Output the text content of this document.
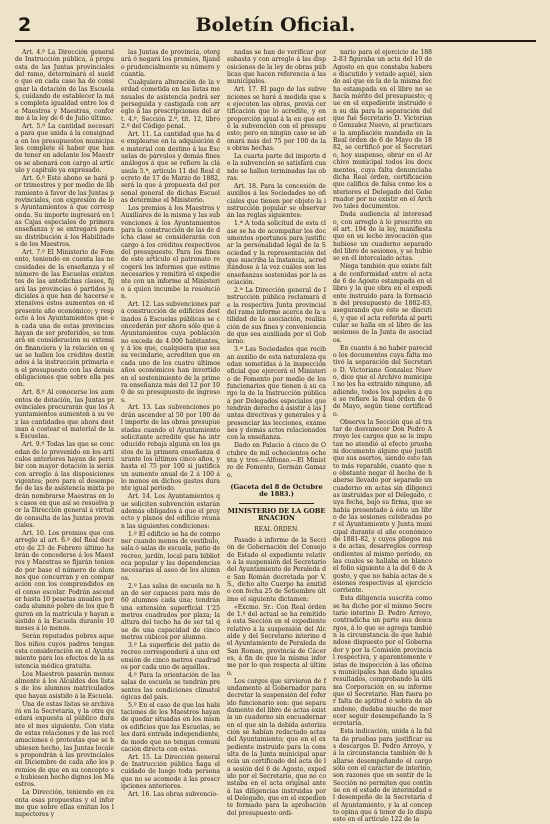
2	Boletín Oficial.

Art. 4.º La Dirección general de Instrucción pública, á propuesta de las Juntas provinciales del ramo, determinará el sueldo que en cada caso ha de consignar la dotación de las Escuelas, cuidando de establecer la más completa igualdad entre los de Maestros y Maestras, conforme á la ley de 6 de Julio último.

Art. 5.º La cantidad necesaria para que unida á la consignada en los presupuestos municipales complete el haber que han de tener en adelante los Maestros se abonará con cargo al artículo y capítulo ya expresado.

Art. 6.º Este abono se hará por trimestres y por medio de libramiento á favor de las Juntas provinciales, con expresión de los Ayuntamientos á que corresponda. Su importe ingresará en las Cajas especiales de primera enseñanza y se entregará para su distribución á los Habilitados de los Maestros.

Art. 7.º El Ministerio de Fomento, teniendo en cuenta las necesidades de la enseñanza y el número de las Escuelas existentes de las antedichas clases, fijará las provincias ó partidos judiciales á que han de hacerse extensivos estos aumentos en el presente año económico; y respecto á los Ayuntamientos que en cada una de estas provincias hayan de ser preferidos, se tomará en consideración su extensión financiera y la relación en que se hallen los créditos destinados á la instrucción primaria en el presupuesto con las demás obligaciones que sobre ella pesen.

Art. 8.º Al conocerse los aumentos de dotación, las Juntas provinciales procurarán que los Ayuntamientos aumenten á su vez las cantidades que ahora destinan á costear el material de las Escuelas.

Art. 9.º Todas las que se concedan de lo prevenido en los artículos anteriores hayan de percibir con mayor dotación la serán con arreglo á las disposiciones vigentes; pero para el desempeño de las de asistencia mixta podrán nombrarse Maestras en los casos en que así se resuelva por la Dirección general á virtud de consulta de las Juntas provinciales.

Art. 10. Los premios que con arreglo al art. 6.º del Real decreto de 23 de Febrero último habrán de concederse á los Maestros y Maestras se fijarán teniendo por base el número de alumnos que concurran y en comparación con los comprendidos en el censo escolar. Podrán ascender hasta 10 pesetas anuales por cada alumno pobre de los que figuren en la matrícula y hayan asistido á la Escuela durante 10 meses á lo menos.

Serán reputados pobres aquellos niños cuyos padres tengan esta consideración en el Ayuntamiento para los efectos de la asistencia médica gratuita.

Los Maestros pasarán mensualmente á los Alcaldes dos listas de los alumnos matriculados que hayan asistido á la Escuela.

Una de estas listas se archivará en la Secretaría, y la otra quedará expuesta al público durante el mes siguiente. Con vista de estas relaciones y de las reclamaciones ó protestas que se hubiesen hecho, las Juntas locales propondrán á las provinciales en Diciembre de cada año los premios de que en su concepto se hubiesen hecho dignos los Maestros.

La Dirección, teniendo en cuenta esas propuestas y el informe que sobre ellas emitan los Inspectores y

las Juntas de provincia, otorgará ó negará los premios, fijando prudencialmente su número y cuantía.

Cualquiera alteración de la verdad cometida en las listas mensuales de asistencia podrá ser perseguida y castigada con arreglo á las prescripciones del art. 4.º, Sección 2.ª, tít. 12, libro 2.º del Código penal.

Art. 11. La cantidad que ha de emplearse en la adquisición de material con destino á las Escuelas de párvulos y demás fines análogos á que se refiere la cláusula 5.ª, artículo 11 del Real decreto de 17 de Marzo de 1882, será la que á propuesta del personal general de dichas Escuelas determine el Ministerio.

Los premios á los Maestros y Auxiliares de la misma y las subvenciones á los Ayuntamientos para la construcción de las de dicha clase se considerarán con cargo á los créditos respectivos del presupuesto. Para los fines de este artículo el patronato recogerá los informes que estime necesarios y remitirá el expediente con un informe al Ministerio á quien incumbe la resolución.

Art. 12. Las subvenciones para construcción de edificios destinados á Escuelas públicas se concederán por ahora sólo que á Ayuntamientos cuya población no exceda de 4.000 habitantes, y á los que, cualquiera que sea su vecindario, acrediten que en cada uno de los cuatro últimos años económicos han invertido en el sostenimiento de la primera enseñanza más del 12 por 100 de su presupuesto de ingresos.

Art. 13. Las subvenciones podrán ascender al 50 por 100 del importe de las obras presupuestadas cuando el Ayuntamiento solicitante acredite que ha introducido rebaja alguna en los gastos de la primera enseñanza durante los últimos cinco años, y hasta el 75 por 100 si justifica un aumento anual de 2 á 100 á lo menos en dichos gastos durante igual período.

Art. 14. Los Ayuntamientos que soliciten subvención estarán además obligados á que el proyecto y planos del edificio reunan las siguientes condiciones:

1.º El edificio se ha de componer cuando menos de vestíbulo, sala ó salas de escuela, patio de recreo, jardín, local para biblioteca popular y las dependencias necesarias al aseo de los alumnos.

2.º Las salas de escuela no han de ser capaces para más de 60 alumnos cada una; tendrán una extensión superficial 1'25 metros cuadrados por plaza; la altura del techo ha de ser tal que de una capacidad de cinco metros cúbicos por alumno.

3.º La superficie del patio de recreo corresponderá á una extensión de cinco metros cuadrados por cada uno de aquéllos.

4.º Para la orientación de las salas de escuela se tendrán presentes las condiciones climatológicas del país.

5.º En el caso de que las habitaciones de los Maestros hayan de quedar situadas en los mismos edificios que las Escuelas, se les dará entrada independiente, de modo que no tengan comunicación directa con estas.

Art. 15. La Dirección general de Instrucción pública haga el cuidado de luego toda persona que no se acomode á las prescripciones anteriores.

Art. 16. Las obras subvencio-

nadas se han de verificar por subasta y con arreglo á las disposiciones de la ley de obras públicas que hacen referencia á las municipales.

Art. 17. El pago de las subvenciones se hará á medida que se ejecuten las obras, previa certificación que lo acredite, y en proporción igual á la en que esté la subvención con el presupuesto; pero en ningún caso se abonará más del 75 por 100 de las obras hechas.

La cuarta parte del importe de la subvención se satisfará cuando se hallen terminadas las obras.

Art. 18. Para la concesión de auxilios á las Sociedades no oficiales que tienen por objeto la instrucción popular se observarán las reglas siguientes:

1.ª A toda solicitud de esta clase se ha de acompañar los documentos oportunos para justificar la personalidad legal de la Sociedad y la representación del que suscriba la instancia, acreditándose á la vez cuáles son las enseñanzas sostenidas por la asociación.

2.ª La Dirección general de Instrucción pública reclamará de la respectiva Junta provincial del ramo informe acerca de la utilidad de la asociación, realización de sus fines y conveniencia de que sea auxiliada por el Gobierno.

3.ª Las Sociedades que reciban auxilio de esta naturaleza quedan sometidas á la inspección oficial que ejercerá el Ministerio de Fomento por medio de los funcionarios que tienen á su cargo la de la Instrucción pública á por Delegados especiales que tendrán derecho á asistir á las Juntas directivas y generales y á presenciar las lecciones, exámenes y demás actos relacionados con la enseñanza.

Dado en Palacio á cinco de Octubre de mil ochocientos ochenta y tres.—Alfonso.—El Ministro de Fomento, Germán Gamazo.

(Gaceta del 8 de Octubre de 1883.)
MINISTERIO DE LA GOBERNACION
REAL ÓRDEN.

Pasado á informe de la Sección de Gobernación del Consejo de Estado el expediente relativo á la suspensión del Secretario del Ayuntamiento de Peraleda de San Román decretada por V. S., dicho alto Cuerpo ha emitido con fecha 25 de Setiembre último el siguiente dictamen:

«Excmo. Sr.: Con Real órden de 1.º del actual se ha remitido á esta Sección en el expediente relativo á la suspensión del Alcalde y del Secretario interino del Ayuntamiento de Peraleda de San Roman, provincia de Cáceres, á fin de que la misma informe por lo que respecta al último.

Los cargos que sirvieron de fundamento al Gobernador para decretar la suspensión del referido funcionario son: que separadamente del libro de actas existía un cuaderno sin encuadernar en el que sin la debida autorización se habían redactado actas del Ayuntamiento; que en el expediente instruido para la consulta de la Junta municipal aparecía un certificado del acta de la sesión del 6 de Agosto, expedido por el Secretario, que no constaba en el acta original ante á las diligencias instruidas por el Delegado, que en el expediente formado para la aprobación del presupuesto ordi-

nario para el ejercicio de 1882-83 figuraba un acta del 10 de Agosto en que constaba haberse discutido y votado aquél, siendo así que en la de la misma fecha estampada en el libro no se hacía mérito del presupuesto; que en el expediente instruido en su día para la separación del que fué Secretario D. Victoriano Gonzalez Nuevo, al practicarse la ampliación mandada en la Real órden de 6 de Mayo de 1882, se certificó por el Secretario, hoy suspenso, obrar en el Archivo municipal todos los documentos, cuya falta denunciaba dicha Real órden, certificación que califica de falsa como los anteriores el Delegado del Gobernador por no existir en el Archivo tales documentos.

Dada audiencia al interesado, con arreglo á lo prescrito en el art. 194 de la ley, manifiesta que en su lecho invocación que hubiese un cuaderno separado del libro de sesiones, y se hubiese en él intercalado actas.

Niega también que existe falta de conformidad entre el acta de 6 de Agosto estampada en el libro y la que obra en el expediente instruido para la formación del presupuesto de 1882-83, asegurando que éste se discutió, y que el acta referida al particular se halla en el libro de las sesiones de la Junta de asociados.

En cuanto á no haber parecido los documentos cuya falta motivó la separación del Secretario D. Victoriano Gonzalez Nuevo, dice que el Archivo municipal no les ha extraído ninguno, añadiendo, todos los papeles á que se refiere la Real órden de 6 de Mayo, según tiene certificado.

Observa la Sección que al tratar de desvanecer Don Pedro Arroyo los cargos que se le imputan no atendió al efecto prueba ni documento alguno que justifique sus asertos, siendo esto tanto más reparable, cuanto que no obstante negar él hecho de haberse llevado por separado un cuaderno en actas sin diligencias instruidas por el Delegado, cuya fecha, bajo su firma, que se había presentado á éste un libro de las sesiones celebradas por el Ayuntamiento y Junta municipal durante el año económico de 1881-82, y cuyos pliegos más de actas, desarreglos correspondientes al mismo período, en las cuales se hallaba en blanco el folio siguiente á la del 6 de Agosto, y que no había actas de sesiones respectivas al ejercicio corriente.

Esta diligencia suscrita como se ha dicho por el mismo Secretario interino D. Pedro Arroyo, contradicha un parte sus descargos, á lo que se agrega también la circunstancia de que habiéndose dispuesto por el Gobernador y por la Comisión provincial respectiva, y aparentemente vistas de inspección á las oficinas municipales han dado iguales resultados, comprobando la última Corporación en su informe que el Secretario. Han fuera por falta de aptitud ó sobra de abandono, dudaba mucho de merecer seguir desempeñando la Secretaría.

Esta indicación, unida á la falta de pruebas para justificar sus descargos D. Pedro Arroyo, y á la circunstancia también de hallarse desempeñando el cargo sólo con el carácter de interino, son razones que en sentir de la Sección no permiten que continúe en el estado de interinidad el desempeño de la Secretaría del Ayuntamiento, y la al concepto opina que á tenor de lo dispuesto en el artículo 122 de la
